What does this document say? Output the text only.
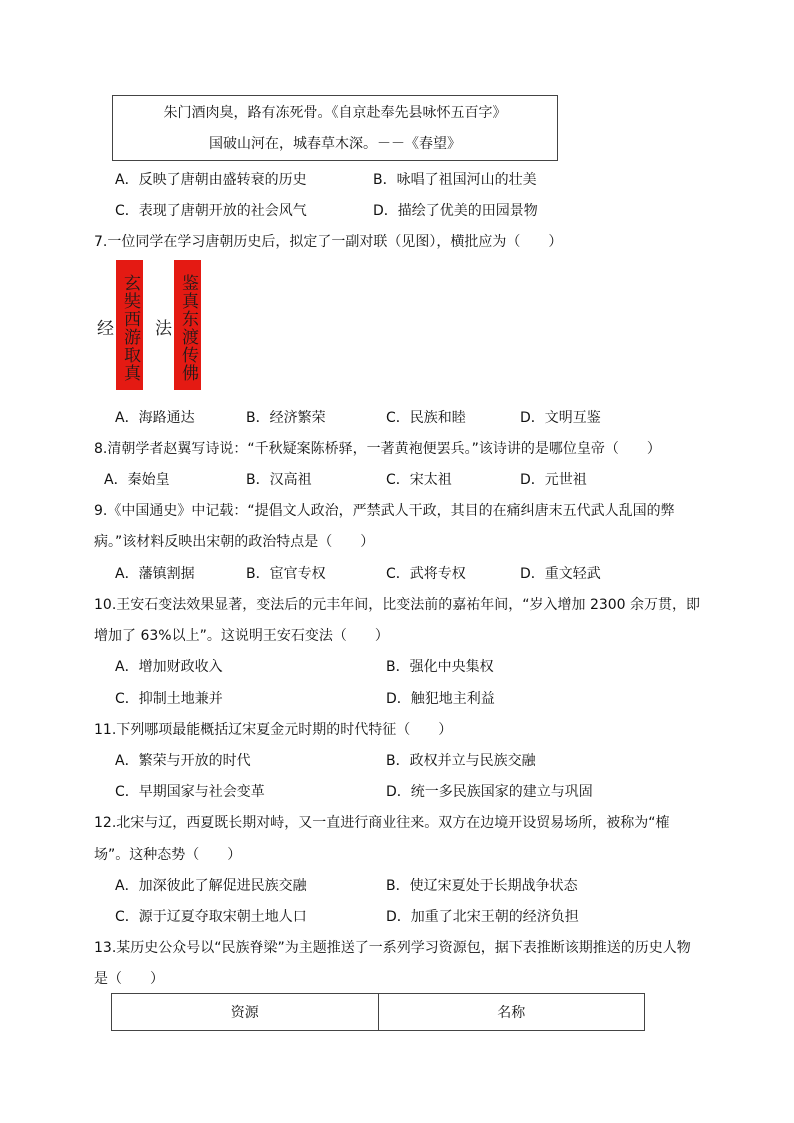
朱门酒肉臭，路有冻死骨。《自京赴奉先县咏怀五百字》
国破山河在，城春草木深。－－《春望》
A．反映了唐朝由盛转衰的历史	B．咏唱了祖国河山的壮美
C．表现了唐朝开放的社会风气	D．描绘了优美的田园景物
7.一位同学在学习唐朝历史后，拟定了一副对联（见图），横批应为（　　）
玄奘西游取真经	鉴真东渡传佛法
A．海路通达	B．经济繁荣	C．民族和睦	D．文明互鉴
8.清朝学者赵翼写诗说：“千秋疑案陈桥驿，一著黄袍便罢兵。”该诗讲的是哪位皇帝（　　）
A．秦始皇	B．汉高祖	C．宋太祖	D．元世祖
9.《中国通史》中记载：“提倡文人政治，严禁武人干政，其目的在痛纠唐末五代武人乱国的弊
病。”该材料反映出宋朝的政治特点是（　　）
A．藩镇割据	B．宦官专权	C．武将专权	D．重文轻武
10.王安石变法效果显著，变法后的元丰年间，比变法前的嘉祐年间，“岁入增加 2300 余万贯，即
增加了 63%以上”。这说明王安石变法（　　）
A．增加财政收入	B．强化中央集权
C．抑制土地兼并	D．触犯地主利益
11.下列哪项最能概括辽宋夏金元时期的时代特征（　　）
A．繁荣与开放的时代	B．政权并立与民族交融
C．早期国家与社会变革	D．统一多民族国家的建立与巩固
12.北宋与辽，西夏既长期对峙，又一直进行商业往来。双方在边境开设贸易场所，被称为“榷
场”。这种态势（　　）
A．加深彼此了解促进民族交融	B．使辽宋夏处于长期战争状态
C．源于辽夏夺取宋朝土地人口	D．加重了北宋王朝的经济负担
13.某历史公众号以“民族脊梁”为主题推送了一系列学习资源包，据下表推断该期推送的历史人物
是（　　）
资源	名称
